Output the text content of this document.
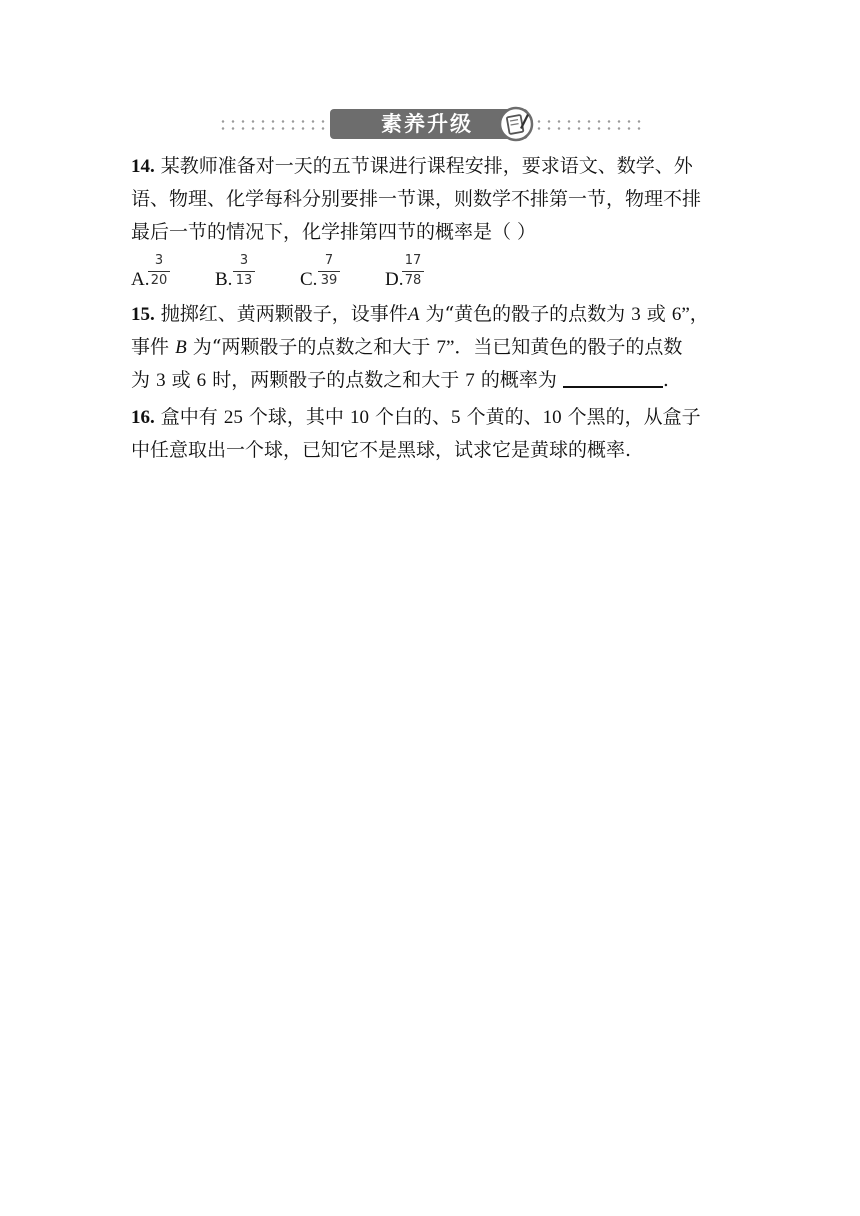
素养升级

14. 某教师准备对一天的五节课进行课程安排，要求语文、数学、外

语、物理、化学每科分别要排一节课，则数学不排第一节，物理不排

最后一节的情况下，化学排第四节的概率是（ ）

A.
3
20	B.
3
13	C.
7
39	D.
17
78

15. 抛掷红、黄两颗骰子，设事件A 为“黄色的骰子的点数为 3 或 6”，

事件 B 为“两颗骰子的点数之和大于 7”．当已知黄色的骰子的点数

为 3 或 6 时，两颗骰子的点数之和大于 7 的概率为	.

16. 盒中有 25 个球，其中 10 个白的、5 个黄的、10 个黑的，从盒子

中任意取出一个球，已知它不是黑球，试求它是黄球的概率.
